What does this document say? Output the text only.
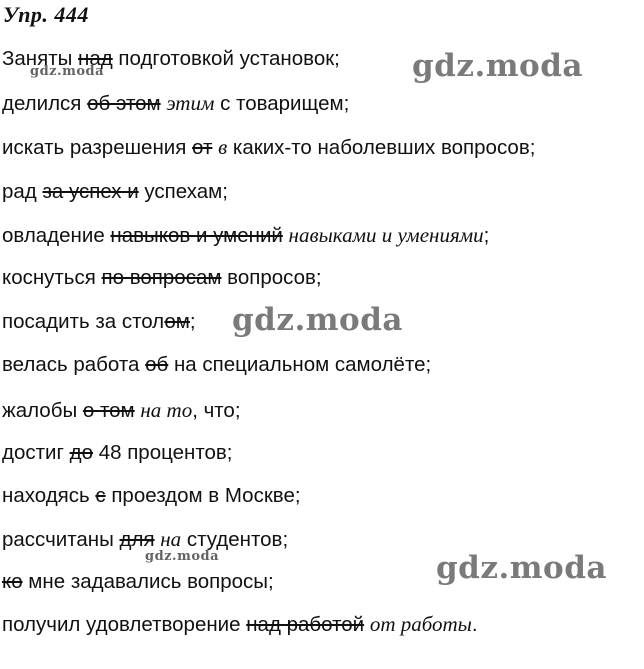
Упр. 444
Заняты над подготовкой установок;
делился об этом этим с товарищем;
искать разрешения от в каких-то наболевших вопросов;
рад за успех и успехам;
овладение навыков и умений навыками и умениями;
коснуться по вопросам вопросов;
посадить за столом;
велась работа об на специальном самолёте;
жалобы о том на то, что;
достиг до 48 процентов;
находясь с проездом в Москве;
рассчитаны для на студентов;
ко мне задавались вопросы;
получил удовлетворение над работой от работы.
gdz.moda
gdz.moda
gdz.moda
gdz.moda	gdz.moda
